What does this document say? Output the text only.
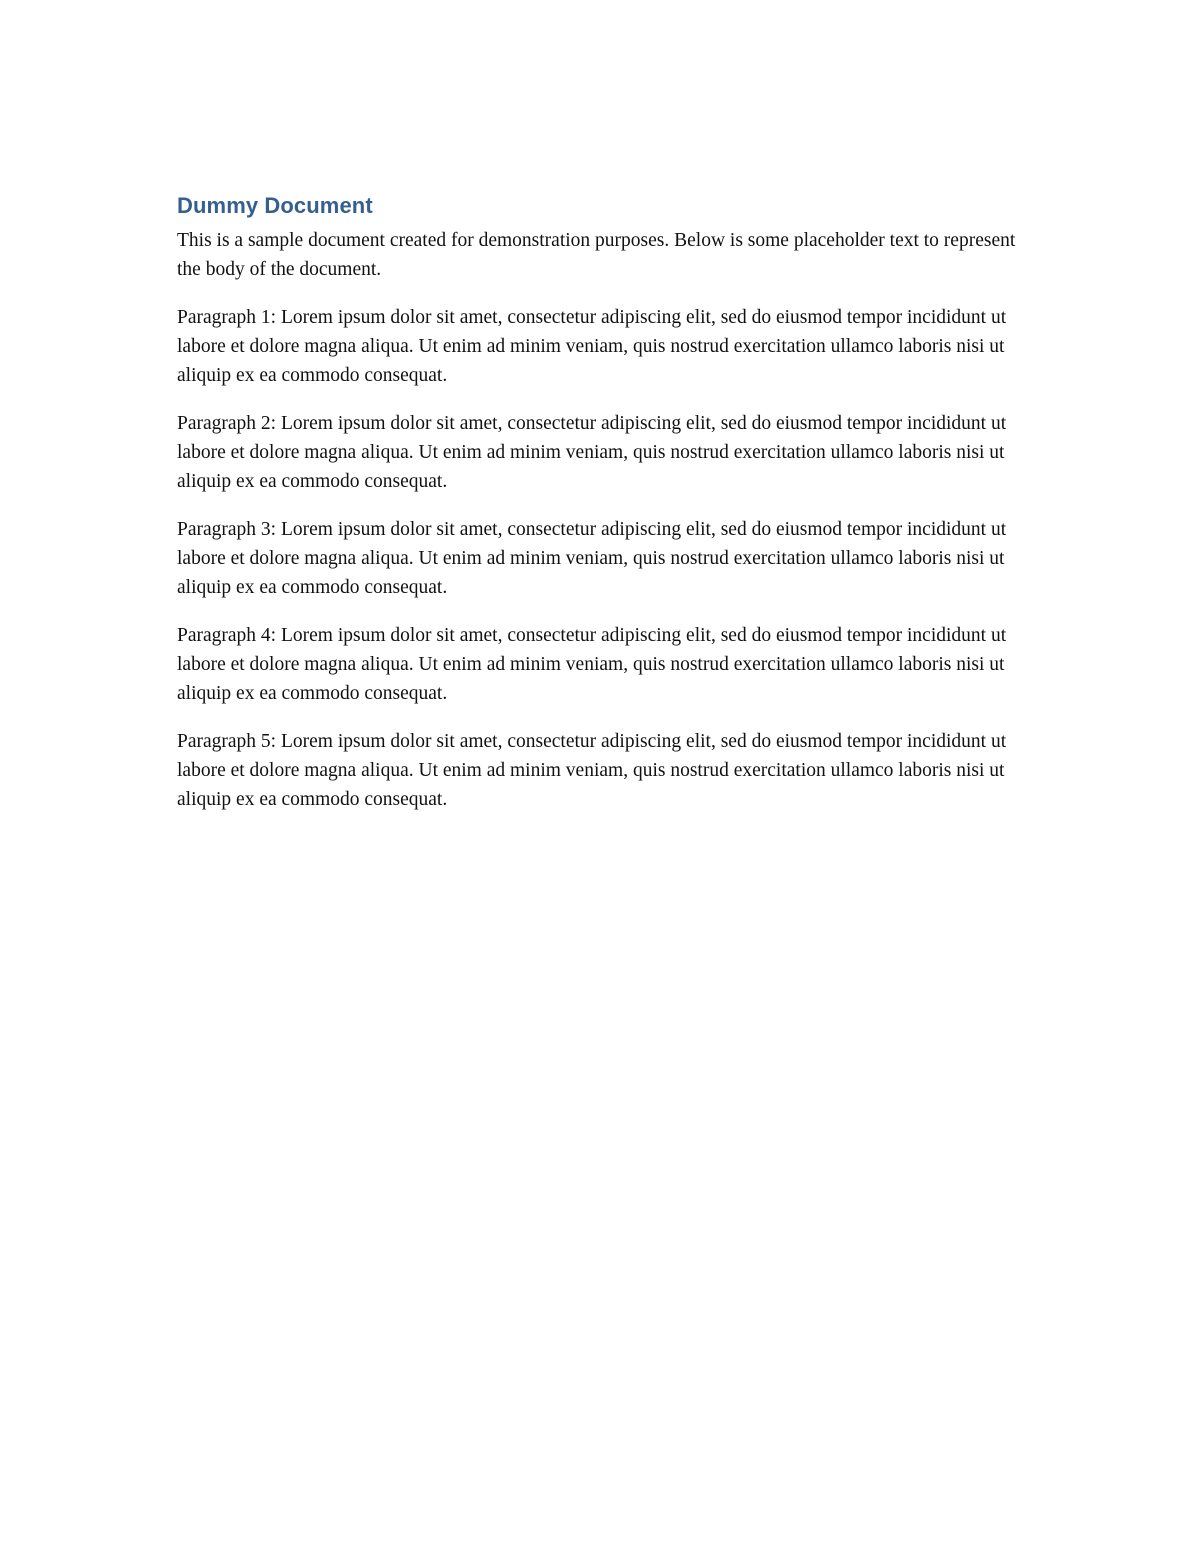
Dummy Document

This is a sample document created for demonstration purposes. Below is some placeholder text to represent the body of the document.

Paragraph 1: Lorem ipsum dolor sit amet, consectetur adipiscing elit, sed do eiusmod tempor incididunt ut labore et dolore magna aliqua. Ut enim ad minim veniam, quis nostrud exercitation ullamco laboris nisi ut aliquip ex ea commodo consequat.

Paragraph 2: Lorem ipsum dolor sit amet, consectetur adipiscing elit, sed do eiusmod tempor incididunt ut labore et dolore magna aliqua. Ut enim ad minim veniam, quis nostrud exercitation ullamco laboris nisi ut aliquip ex ea commodo consequat.

Paragraph 3: Lorem ipsum dolor sit amet, consectetur adipiscing elit, sed do eiusmod tempor incididunt ut labore et dolore magna aliqua. Ut enim ad minim veniam, quis nostrud exercitation ullamco laboris nisi ut aliquip ex ea commodo consequat.

Paragraph 4: Lorem ipsum dolor sit amet, consectetur adipiscing elit, sed do eiusmod tempor incididunt ut labore et dolore magna aliqua. Ut enim ad minim veniam, quis nostrud exercitation ullamco laboris nisi ut aliquip ex ea commodo consequat.

Paragraph 5: Lorem ipsum dolor sit amet, consectetur adipiscing elit, sed do eiusmod tempor incididunt ut labore et dolore magna aliqua. Ut enim ad minim veniam, quis nostrud exercitation ullamco laboris nisi ut aliquip ex ea commodo consequat.
